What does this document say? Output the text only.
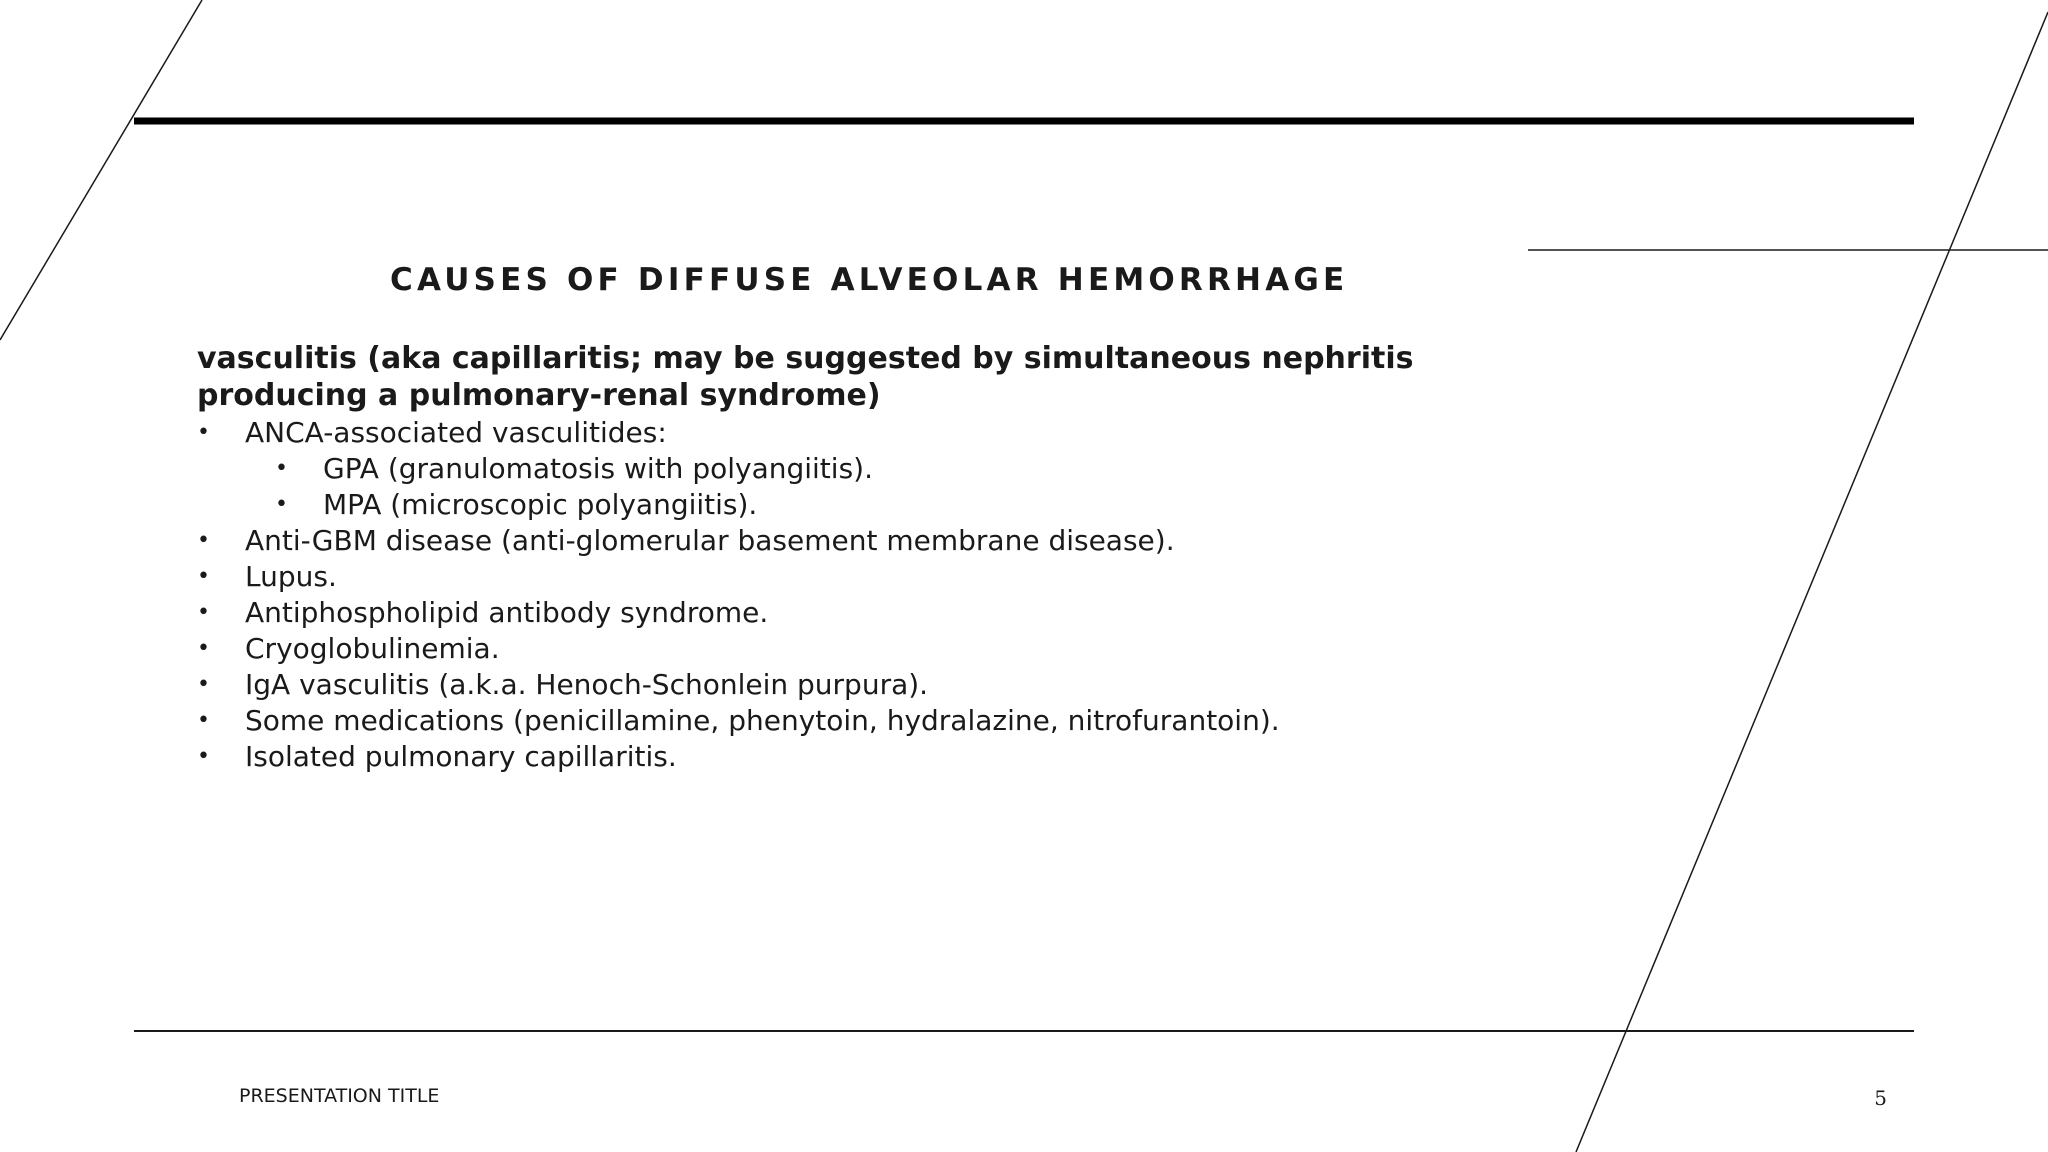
CAUSES OF DIFFUSE ALVEOLAR HEMORRHAGE

vasculitis (aka capillaritis; may be suggested by simultaneous nephritis producing a pulmonary-renal syndrome)

• ANCA-associated vasculitides:
• GPA (granulomatosis with polyangiitis).
• MPA (microscopic polyangiitis).
• Anti-GBM disease (anti-glomerular basement membrane disease).
• Lupus.
• Antiphospholipid antibody syndrome.
• Cryoglobulinemia.
• IgA vasculitis (a.k.a. Henoch-Schonlein purpura).
• Some medications (penicillamine, phenytoin, hydralazine, nitrofurantoin).
• Isolated pulmonary capillaritis.
PRESENTATION TITLE	5
